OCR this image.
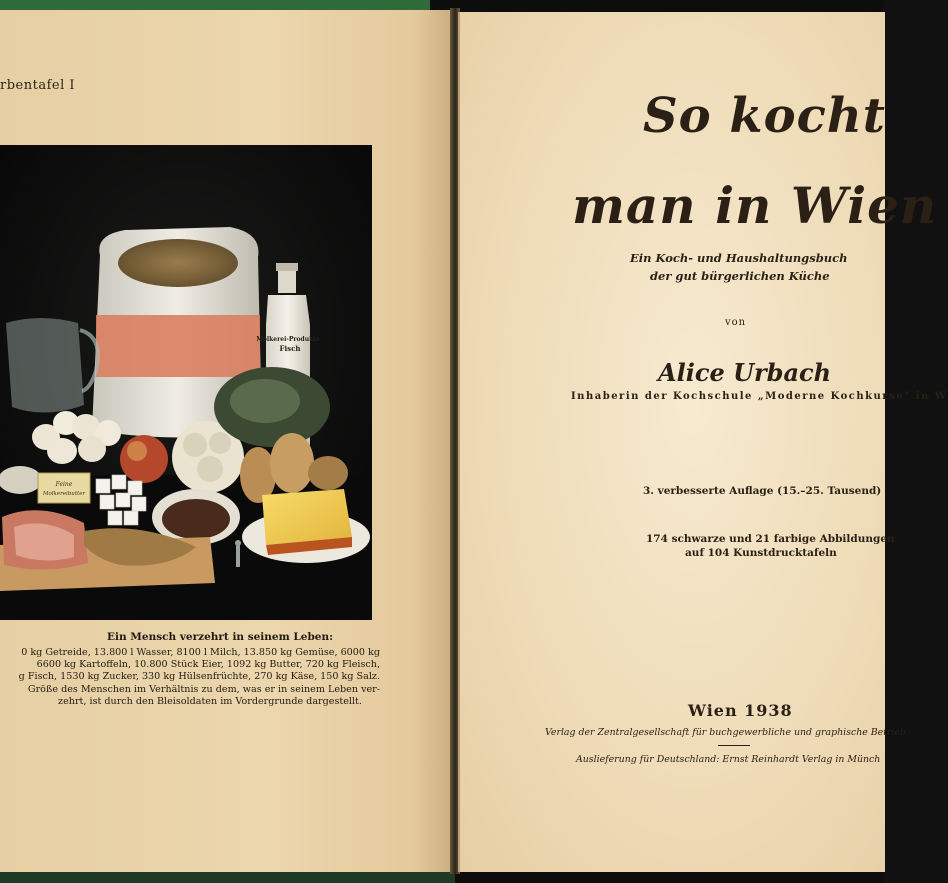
rbentafel I
Feine
Molkereibutter
Molkerei-Produkte
Fisch
Ein Mensch verzehrt in seinem Leben:
0 kg Getreide, 13.800 l Wasser, 8100 l Milch, 13.850 kg Gemüse, 6000 kg
6600 kg Kartoffeln, 10.800 Stück Eier, 1092 kg Butter, 720 kg Fleisch,
g Fisch, 1530 kg Zucker, 330 kg Hülsenfrüchte, 270 kg Käse, 150 kg Salz.
Größe des Menschen im Verhältnis zu dem, was er in seinem Leben ver-
zehrt, ist durch den Bleisoldaten im Vordergrunde dargestellt.
So kocht
man in Wien
Ein Koch- und Haushaltungsbuch
der gut bürgerlichen Küche
von
Alice Urbach
Inhaberin der Kochschule „Moderne Kochkurse" in W
3. verbesserte Auflage (15.–25. Tausend)
174 schwarze und 21 farbige Abbildungen
auf 104 Kunstdrucktafeln
Wien 1938
Verlag der Zentralgesellschaft für buchgewerbliche und graphische Betrieb
Auslieferung für Deutschland: Ernst Reinhardt Verlag in Münch
